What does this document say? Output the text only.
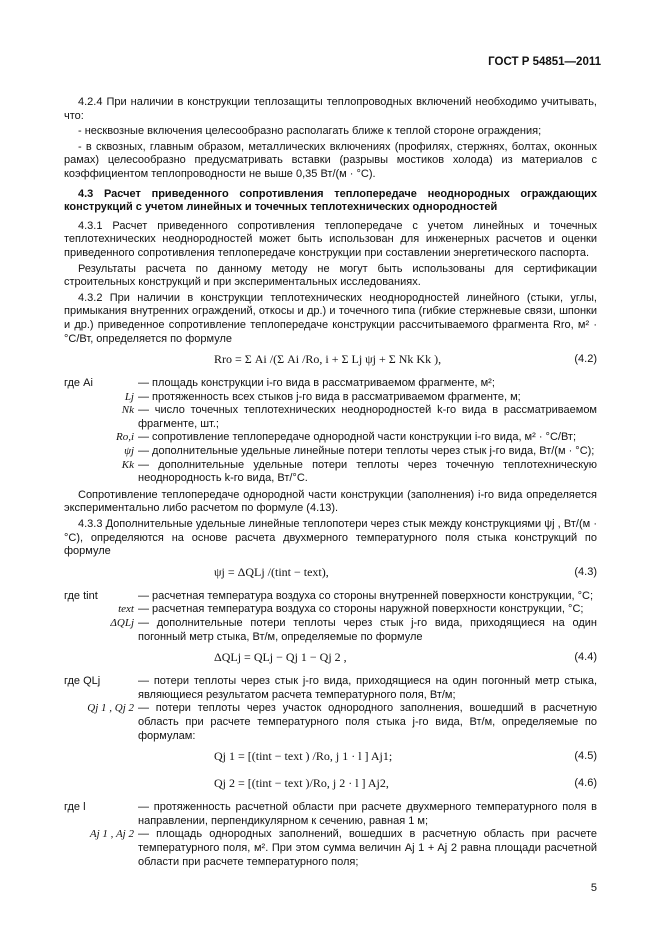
ГОСТ Р 54851—2011

4.2.4 При наличии в конструкции теплозащиты теплопроводных включений необходимо учитывать, что:

- несквозные включения целесообразно располагать ближе к теплой стороне ограждения;

- в сквозных, главным образом, металлических включениях (профилях, стержнях, болтах, оконных рамах) целесообразно предусматривать вставки (разрывы мостиков холода) из материалов с коэффициентом теплопроводности не выше 0,35 Вт/(м · °С).

4.3 Расчет приведенного сопротивления теплопередаче неоднородных ограждающих конструкций с учетом линейных и точечных теплотехнических однородностей

4.3.1 Расчет приведенного сопротивления теплопередаче с учетом линейных и точечных теплотехнических неоднородностей может быть использован для инженерных расчетов и оценки приведенного сопротивления теплопередаче конструкции при составлении энергетического паспорта.

Результаты расчета по данному методу не могут быть использованы для сертификации строительных конструкций и при экспериментальных исследованиях.

4.3.2 При наличии в конструкции теплотехнических неоднородностей линейного (стыки, углы, примыкания внутренних ограждений, откосы и др.) и точечного типа (гибкие стержневые связи, шпонки и др.) приведенное сопротивление теплопередаче конструкции рассчитываемого фрагмента Rrо, м² · °С/Вт, определяется по формуле

Rrо = Σ Ai /(Σ Ai /Rо, i + Σ Lj ψj + Σ Nk Kk ),	(4.2)
где Ai	— площадь конструкции i-го вида в рассматриваемом фрагменте, м²;
Lj — протяженность всех стыков j-го вида в рассматриваемом фрагменте, м;
Nk — число точечных теплотехнических неоднородностей k-го вида в рассматриваемом фрагменте, шт.;
Rо,i — сопротивление теплопередаче однородной части конструкции i-го вида, м² · °С/Вт;
ψj — дополнительные удельные линейные потери теплоты через стык j-го вида, Вт/(м · °С);
Kk — дополнительные удельные потери теплоты через точечную теплотехническую неоднородность k-го вида, Вт/°С.

Сопротивление теплопередаче однородной части конструкции (заполнения) i-го вида определяется экспериментально либо расчетом по формуле (4.13).

4.3.3 Дополнительные удельные линейные теплопотери через стык между конструкциями ψj , Вт/(м · °С), определяются на основе расчета двухмерного температурного поля стыка конструкций по формуле

ψj = ΔQLj /(tint − text),	(4.3)
где tint	— расчетная температура воздуха со стороны внутренней поверхности конструкции, °С;
text — расчетная температура воздуха со стороны наружной поверхности конструкции, °С;
ΔQLj — дополнительные потери теплоты через стык j-го вида, приходящиеся на один погонный метр стыка, Вт/м, определяемые по формуле
ΔQLj = QLj − Qj 1 − Qj 2 ,	(4.4)
где QLj	— потери теплоты через стык j-го вида, приходящиеся на один погонный метр стыка, являющиеся результатом расчета температурного поля, Вт/м;
Qj 1 , Qj 2 — потери теплоты через участок однородного заполнения, вошедший в расчетную область при расчете температурного поля стыка j-го вида, Вт/м, определяемые по формулам:
Qj 1 = [(tint − text ) /Rо, j 1 · l ] Aj1;	(4.5)
Qj 2 = [(tint − text )/Rо, j 2 · l ] Aj2,	(4.6)
где l	— протяженность расчетной области при расчете двухмерного температурного поля в направлении, перпендикулярном к сечению, равная 1 м;
Aj 1 , Aj 2 — площадь однородных заполнений, вошедших в расчетную область при расчете температурного поля, м². При этом сумма величин Aj 1 + Aj 2 равна площади расчетной области при расчете температурного поля;
5
